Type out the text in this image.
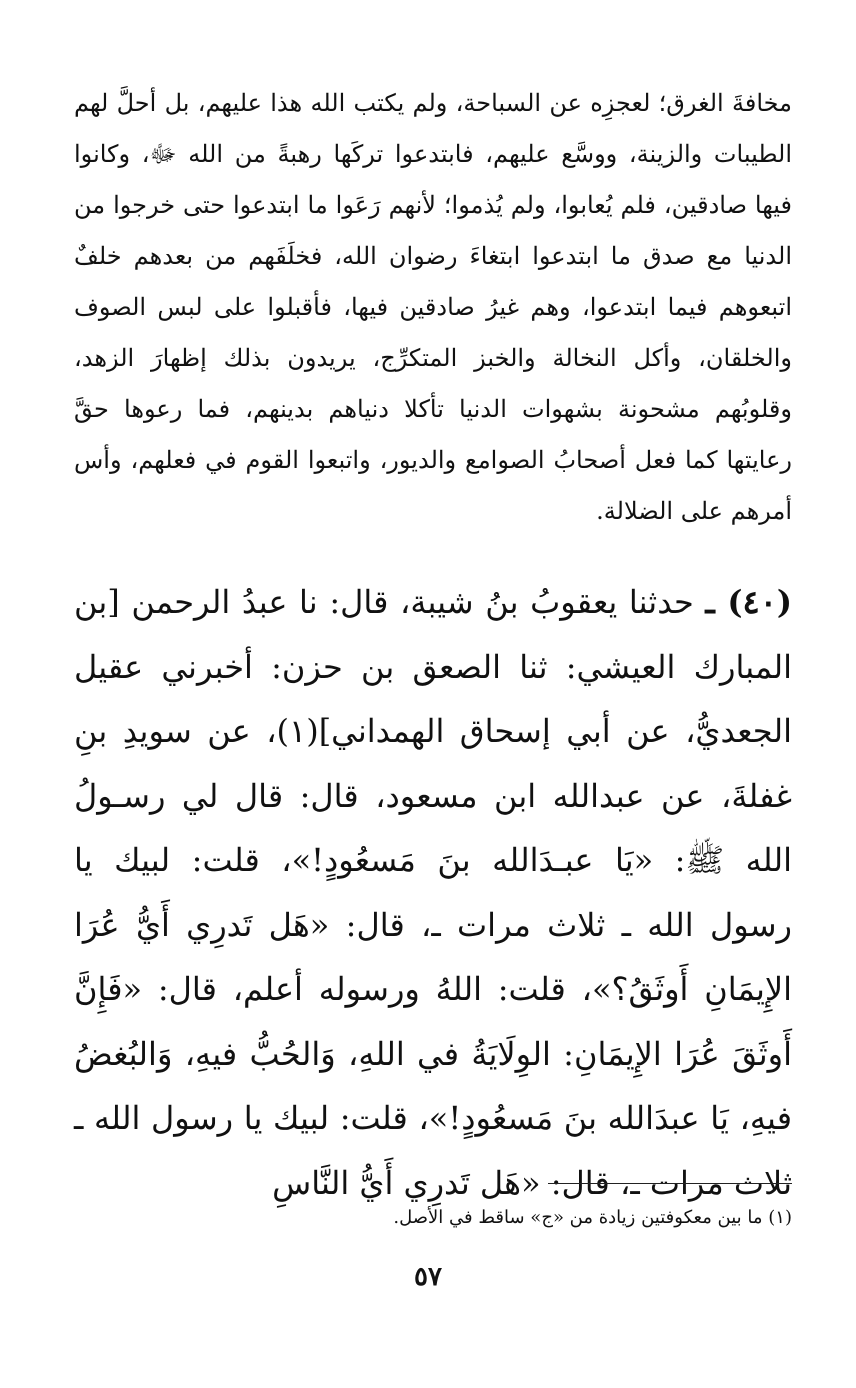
مخافةَ الغرق؛ لعجزِه عن السباحة، ولم يكتب الله هذا عليهم، بل أحلَّ لهم الطيبات والزينة، ووسَّع عليهم، فابتدعوا تركَها رهبةً من الله ﷻ، وكانوا فيها صادقين، فلم يُعابوا، ولم يُذموا؛ لأنهم رَعَوا ما ابتدعوا حتى خرجوا من الدنيا مع صدق ما ابتدعوا ابتغاءَ رضوان الله، فخلَفَهم من بعدهم خلفٌ اتبعوهم فيما ابتدعوا، وهم غيرُ صادقين فيها، فأقبلوا على لبس الصوف والخلقان، وأكل النخالة والخبز المتكرِّج، يريدون بذلك إظهارَ الزهد، وقلوبُهم مشحونة بشهوات الدنيا تأكلا دنياهم بدينهم، فما رعوها حقَّ رعايتها كما فعل أصحابُ الصوامع والديور، واتبعوا القوم في فعلهم، وأس أمرهم على الضلالة.

(٤٠) ـ حدثنا يعقوبُ بنُ شيبة، قال: نا عبدُ الرحمن [بن المبارك العيشي: ثنا الصعق بن حزن: أخبرني عقيل الجعديُّ، عن أبي إسحاق الهمداني](١)، عن سويدِ بنِ غفلةَ، عن عبدالله ابن مسعود، قال: قال لي رسـولُ الله ﷺ: «يَا عبـدَالله بنَ مَسعُودٍ!»، قلت: لبيك يا رسول الله ـ ثلاث مرات ـ، قال: «هَل تَدرِي أَيُّ عُرَا الإِيمَانِ أَوثَقُ؟»، قلت: اللهُ ورسوله أعلم، قال: «فَإِنَّ أَوثَقَ عُرَا الإِيمَانِ: الوِلَايَةُ في اللهِ، وَالحُبُّ فيهِ، وَالبُغضُ فيهِ، يَا عبدَالله بنَ مَسعُودٍ!»، قلت: لبيك يا رسول الله ـ ثلاث مرات ـ، قال: «هَل تَدرِي أَيُّ النَّاسِ

(١) ما بين معكوفتين زيادة من «ج» ساقط في الأصل.

٥٧
